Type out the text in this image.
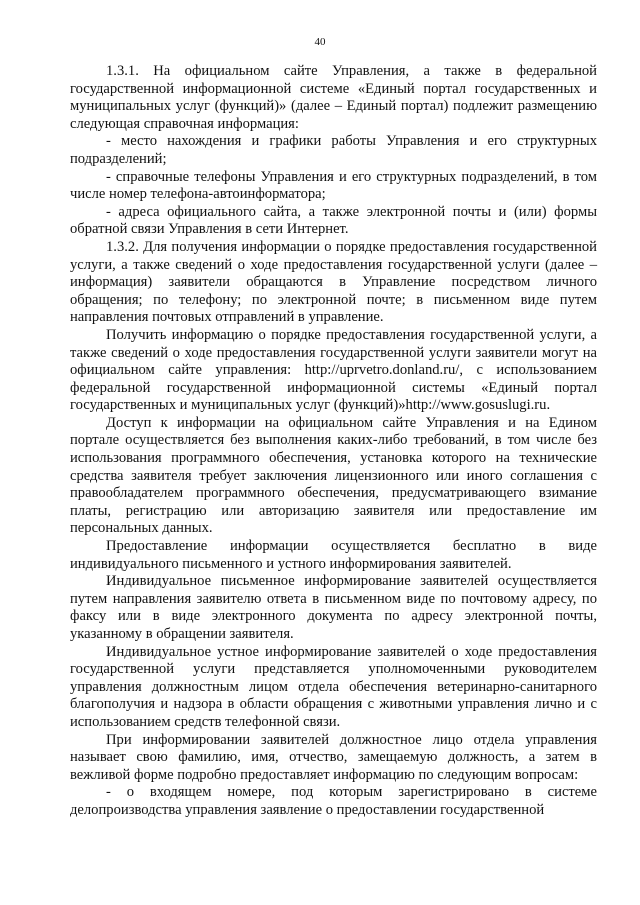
40

1.3.1. На официальном сайте Управления, а также в федеральной государственной информационной системе «Единый портал государственных и муниципальных услуг (функций)» (далее – Единый портал) подлежит размещению следующая справочная информация:

- место нахождения и графики работы Управления и его структурных подразделений;

- справочные телефоны Управления и его структурных подразделений, в том числе номер телефона-автоинформатора;

- адреса официального сайта, а также электронной почты и (или) формы обратной связи Управления в сети Интернет.

1.3.2. Для получения информации о порядке предоставления государственной услуги, а также сведений о ходе предоставления государственной услуги (далее – информация) заявители обращаются в Управление посредством личного обращения; по телефону; по электронной почте; в письменном виде путем направления почтовых отправлений в управление.

Получить информацию о порядке предоставления государственной услуги, а также сведений о ходе предоставления государственной услуги заявители могут на официальном сайте управления: http://uprvetro.donland.ru/, с использованием федеральной государственной информационной системы «Единый портал государственных и муниципальных услуг (функций)»http://www.gosuslugi.ru.

Доступ к информации на официальном сайте Управления и на Едином портале осуществляется без выполнения каких-либо требований, в том числе без использования программного обеспечения, установка которого на технические средства заявителя требует заключения лицензионного или иного соглашения с правообладателем программного обеспечения, предусматривающего взимание платы, регистрацию или авторизацию заявителя или предоставление им персональных данных.

Предоставление информации осуществляется бесплатно в виде индивидуального письменного и устного информирования заявителей.

Индивидуальное письменное информирование заявителей осуществляется путем направления заявителю ответа в письменном виде по почтовому адресу, по факсу или в виде электронного документа по адресу электронной почты, указанному в обращении заявителя.

Индивидуальное устное информирование заявителей о ходе предоставления государственной услуги представляется уполномоченными руководителем управления должностным лицом отдела обеспечения ветеринарно-санитарного благополучия и надзора в области обращения с животными управления лично и с использованием средств телефонной связи.

При информировании заявителей должностное лицо отдела управления называет свою фамилию, имя, отчество, замещаемую должность, а затем в вежливой форме подробно предоставляет информацию по следующим вопросам:

- о входящем номере, под которым зарегистрировано в системе делопроизводства управления заявление о предоставлении государственной
